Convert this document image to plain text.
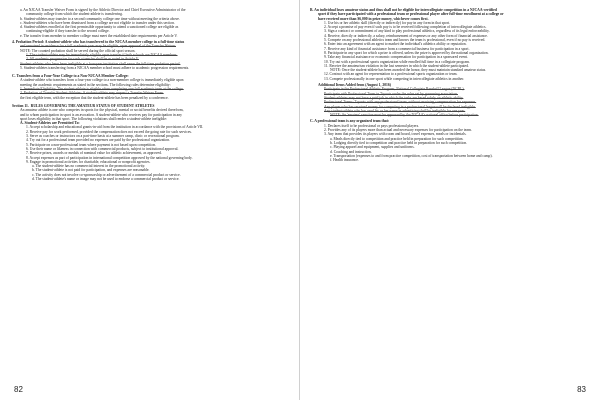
a. An NJCAA Transfer Waiver Form is signed by the Athletic Director and Chief Executive Administrator of the
community college from which the student-athlete is transferring.
b. Student-athletes may transfer to a second community college one time without meeting the criteria above.
c. Student-athletes who have been dismissed from a college are not eligible to transfer under this section.
d. Student-athletes enrolled at the first permissible opportunity to attend a sanctioned college are eligible as
continuing-eligible if they transfer to the second college.
e. The transfer from member to member college must meet the established date requirements per Article V.
4. Probation Period: A student-athlete who has transferred to the NJCAA member college in a full-time status
and remained in residence for a full academic year may be eligible, upon approval of the Transfer Waiver.
NOTE: The counted probation shall be served during the official sport season.
1. The student-athlete may be immediately eligible upon transfer if both schools are NJCAA members.
2. All academic progression for such a transfer shall be as noted in Article V.
Student-athletes who have been ineligible at a four-year institution shall serve the full-time probation period.
5. Student-athletes transferring from a NJCAA member school must adhere to academic progression requirements.
C. Transfers from a Four-Year College to a Non-NJCAA Member College:
A student-athlete who transfers from a four-year college to a non-member college is immediately eligible upon
meeting the academic requirements as stated in the sections. The following rules determine eligibility:
1. Immediate Eligibility: The student-athlete is eligible when completing one full academic term at the college.
2. Probation of Transfer Student-Athletes: A student-athlete may request a Transfer Waiver Form.
the first eligible term, with the exception that the student-athlete has been penalized by a conference.
Section 11. RULES GOVERNING THE AMATEUR STATUS OF STUDENT ATHLETES
An amateur athlete is one who competes in sports for the physical, mental or social benefits derived therefrom,
and to whom participation in sport is an avocation. A student-athlete who receives pay for participation in any
sport loses eligibility in that sport. The following violations shall render a student-athlete ineligible:
A. Student-Athletes are Permitted To:
1. Accept scholarship and educational grants-in-aid from the institution in accordance with the provisions of Article VII.
2. Receive pay for work performed, provided the compensation does not exceed the going rate for such services.
3. Serve as coaches or instructors on a part-time basis at a summer camp, clinic or recreational program.
4. Try out for a professional team provided no expenses are paid by the professional organization.
5. Participate on a non-professional team where payment is not based upon competition.
6. Use their name or likeness in connection with commercial products, subject to institutional approval.
7. Receive prizes, awards or medals of nominal value for athletic achievement, as approved.
8. Accept expenses as part of participation in international competition approved by the national governing body.
9. Engage in promotional activities for charitable, educational or nonprofit agencies.
a. The student-athlete has no commercial interest in the promotional activity.
b. The student-athlete is not paid for participation, and expenses are reasonable.
c. The activity does not involve co-sponsorship or advertisement of a commercial product or service.
d. The student-athlete's name or image may not be used to endorse a commercial product or service.
82
B. An individual loses amateur status and thus shall not be eligible for intercollegiate competition in a NJCAA-certified
sport if they have participated with a professional team or professional player after full-time enrollment at a college or
have received more than $6,000 in prize money, whichever comes first.
1. Use his or her athletic skill (directly or indirectly) for pay in any form in that sport.
2. Accept a promise of pay even if such pay is to be received following completion of intercollegiate athletics.
3. Sign a contract or commitment of any kind to play professional athletics, regardless of its legal enforceability.
4. Receive, directly or indirectly, a salary, reimbursement of expenses or any other form of financial assistance.
5. Compete on any professional athletics team and knows the team is professional, even if no pay is received.
6. Enter into an agreement with an agent to market the individual's athletics ability or reputation.
7. Receive any kind of financial assistance from a commercial business for participation in a sport.
8. Participate in any sport for which a prize is offered, unless the prize is approved by the national organization.
9. Take any financial assistance or economic compensation for participation in a sponsored event.
10. Try out with a professional sports organization while enrolled full time in a collegiate program.
11. Receive the amateurism violation in the last semester in which the student-athlete participated.
NOTE: Once the student-athlete has been awarded the honor, they must maintain standard amateur status.
12. Contract with an agent for representation to a professional sports organization or team.
13. Compete professionally in one sport while competing in intercollegiate athletics in another.
Additional Items Added from (August 1, 2016)
Participate in the Professional Athletic Program, National Collegiate Baseball League (NCBL).
Participate with Professional Team in Tryouts under the rules set by governing association.
Student-athletes may not have a paid job in which the tasks are based solely on athletic ability.
Professional Teams: Tryouts with any professional team, without receiving compensation for expenses.
Any player who has received money for competing in a professional league will be declared ineligible.
Any student-athlete who has used his or her name in advertising shall be ineligible for one year.
NOTE: An 'amateur' sanction must be approved by the NJCAA's national office before participation.
C. A professional team is any organized team that:
1. Declares itself to be professional or pays professional players.
2. Provides any of its players more than actual and necessary expenses for participation on the team.
3. Any team that provides its players with room and board, travel expenses, meals or incidentals.
a. Meals directly tied to competition and practice held in preparation for such competition.
b. Lodging directly tied to competition and practice held in preparation for such competition.
c. Playing apparel and equipment, supplies and uniforms.
d. Coaching and instruction.
e. Transportation (expenses to and from practice competition, cost of transportation between home and camp).
f. Health insurance.
83
